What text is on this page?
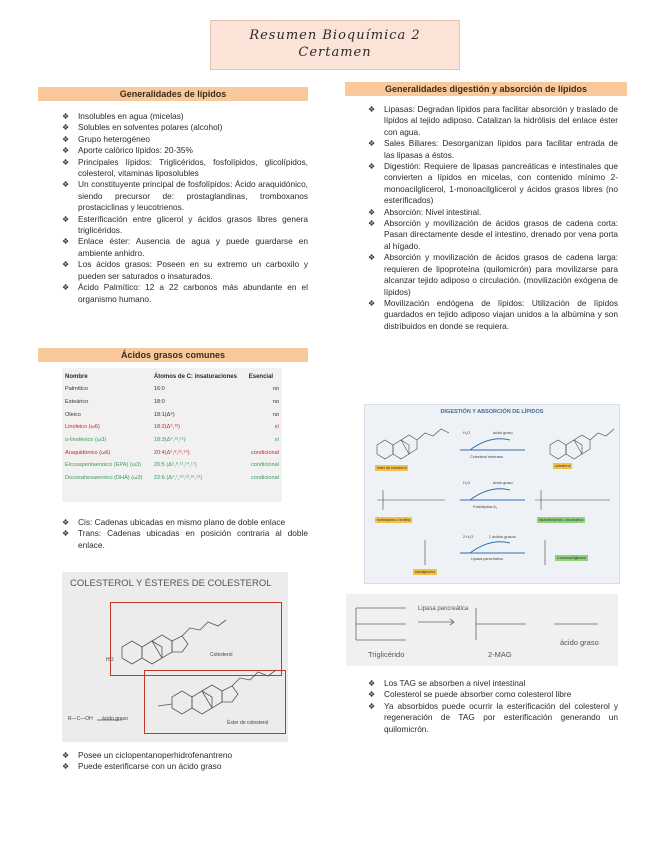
Resumen Bioquímica 2
Certamen
Generalidades de lípidos
❖ Insolubles en agua (micelas)
❖ Solubles en solventes polares (alcohol)
❖ Grupo heterogéneo
❖ Aporte calórico lípidos: 20-35%
❖ Principales lípidos: Triglicéridos, fosfolípidos, glicolípidos, colesterol, vitaminas liposolubles
❖ Un constituyente principal de fosfolípidos: Ácido araquidónico, siendo precursor de: prostaglandinas, tromboxanos prostaciclinas y leucotrienos.
❖ Esterificación entre glicerol y ácidos grasos libres genera triglicéridos.
❖ Enlace éster: Ausencia de agua y puede guardarse en ambiente anhidro.
❖ Los ácidos grasos: Poseen en su extremo un carboxilo y pueden ser saturados o insaturados.
❖ Ácido Palmítico: 12 a 22 carbonos más abundante en el organismo humano.
Ácidos grasos comunes
Nombre	Átomos de C: insaturaciones	Esencial
Palmítico	16:0	no
Esteárico	18:0	no
Oleico	18:1(Δ⁹)	no
Linoleico (ω6)	18:2(Δ⁹,¹²)	sí
α-linolénico (ω3)	18:3(Δ⁹,¹²,¹⁵)	sí
Araquidónico (ω6)	20:4(Δ⁵,⁸,¹¹,¹⁴)	condicional
Eicosapentaenoico (EPA) (ω3)	20:5 (Δ⁵,⁸,¹¹,¹⁴,¹⁷)	condicional
Docosahexaenoico (DHA) (ω3)	22:6 (Δ⁴,⁷,¹⁰,¹³,¹⁶,¹⁹)	condicional
❖ Cis: Cadenas ubicadas en mismo plano de doble enlace
❖ Trans: Cadenas ubicadas en posición contraria al doble enlace.
COLESTEROL Y ÉSTERES DE COLESTEROL
HO
Colesterol
Éster de colesterol
R—C—OH ácido graso
❖ Posee un ciclopentanoperhidrofenantreno
❖ Puede esterificarse con un ácido graso
Generalidades digestión y absorción de lípidos
❖ Lipasas: Degradan lípidos para facilitar absorción y traslado de lípidos al tejido adiposo. Catalizan la hidrólisis del enlace éster con agua.
❖ Sales Biliares: Desorganizan lípidos para facilitar entrada de las lipasas a éstos.
❖ Digestión: Requiere de lipasas pancreáticas e intestinales que convierten a lípidos en micelas, con contenido mínimo 2-monoacilglicerol, 1-monoacilglicerol y ácidos grasos libres (no esterificados)
❖ Absorción: Nivel intestinal.
❖ Absorción y movilización de ácidos grasos de cadena corta: Pasan directamente desde el intestino, drenado por vena porta al hígado.
❖ Absorción y movilización de ácidos grasos de cadena larga: requieren de lipoproteína (quilomicrón) para movilizarse para alcanzar tejido adiposo o circulación. (movilización exógena de lípidos)
❖ Movilización endógena de lípidos: Utilización de lípidos guardados en tejido adiposo viajan unidos a la albúmina y son distribuidos en donde se requiera.
DIGESTIÓN Y ABSORCIÓN DE LÍPIDOS
éster de colesterol	colesterol
fosfolípidos o lecitina	lisofosfolípidos o lisolecitina
triacilglicerol
2-monoacilglicerol
H₂O	ácido graso
Colesterol esterasa
H₂O	ácido graso
Fosfolipasa A₂
2 H₂O	2 ácidos grasos
Lipasa pancreática
Lipasa pancreática
Triglicérido	2-MAG
ácido graso
❖ Los TAG se absorben a nivel intestinal
❖ Colesterol se puede absorber como colesterol libre
❖ Ya absorbidos puede ocurrir la esterificación del colesterol y regeneración de TAG por esterificación generando un quilomicrón.
